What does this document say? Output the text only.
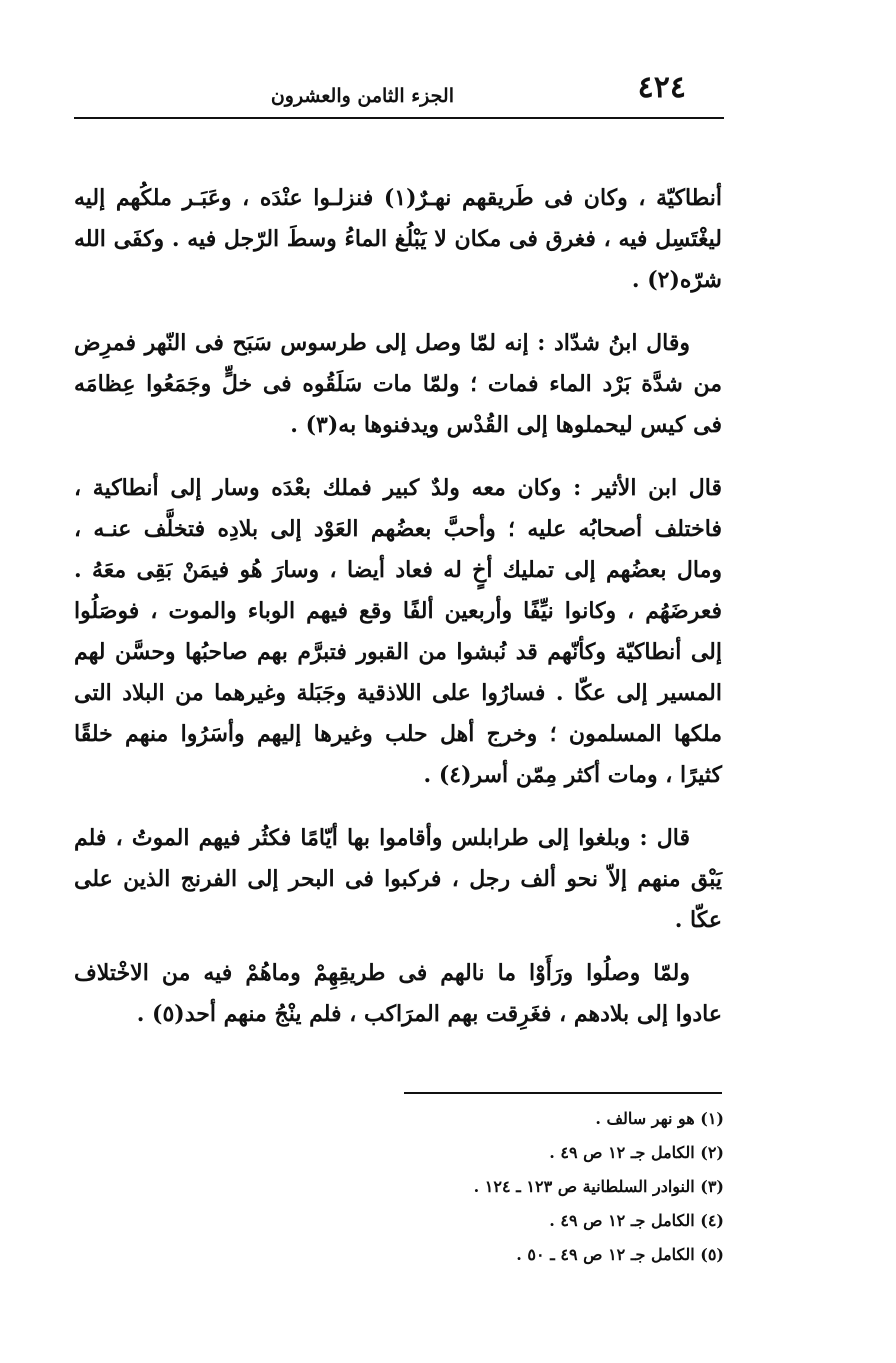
٤٢٤
الجزء الثامن والعشرون

أنطاكيّة ، وكان فى طَريقهم نهـرٌ(١) فنزلـوا عنْدَه ، وعَبَـر ملكُهم إليه ليغْتَسِل فيه ، فغرق فى مكان لا يَبْلُغ الماءُ وسطَ الرّجل فيه . وكفَى الله شرّه(٢) .

وقال ابنُ شدّاد : إنه لمّا وصل إلى طرسوس سَبَح فى النّهر فمرِض من شدَّة بَرْد الماء فمات ؛ ولمّا مات سَلَقُوه فى خلٍّ وجَمَعُوا عِظامَه فى كيس ليحملوها إلى القُدْس ويدفنوها به(٣) .

قال ابن الأثير : وكان معه ولدٌ كبير فملك بعْدَه وسار إلى أنطاكية ، فاختلف أصحابُه عليه ؛ وأحبَّ بعضُهم العَوْد إلى بلادِه فتخلَّف عنـه ، ومال بعضُهم إلى تمليك أخٍ له فعاد أيضا ، وسارَ هُو فيمَنْ بَقِى معَهُ . فعرضَهُم ، وكانوا نيِّفًا وأربعين ألفًا وقع فيهم الوباء والموت ، فوصَلُوا إلى أنطاكيّة وكأنّهم قد نُبشوا من القبور فتبرَّم بهم صاحبُها وحسَّن لهم المسير إلى عكّا . فسارُوا على اللاذقية وجَبَلة وغيرهما من البلاد التى ملكها المسلمون ؛ وخرج أهل حلب وغيرها إليهم وأسَرُوا منهم خلقًا كثيرًا ، ومات أكثر مِمّن أسر(٤) .

قال : وبلغوا إلى طرابلس وأقاموا بها أيّامًا فكثُر فيهم الموتُ ، فلم يَبْق منهم إلاّ نحو ألف رجل ، فركبوا فى البحر إلى الفرنج الذين على عكّا .

ولمّا وصلُوا ورَأَوْا ما نالهم فى طريقِهِمْ وماهُمْ فيه من الاخْتلاف عادوا إلى بلادهم ، فغَرِقت بهم المرَاكب ، فلم ينْجُ منهم أحد(٥) .

(١) هو نهر سالف .
(٢) الكامل جـ ١٢ ص ٤٩ .
(٣) النوادر السلطانية ص ١٢٣ ـ ١٢٤ .
(٤) الكامل جـ ١٢ ص ٤٩ .
(٥) الكامل جـ ١٢ ص ٤٩ ـ ٥٠ .
